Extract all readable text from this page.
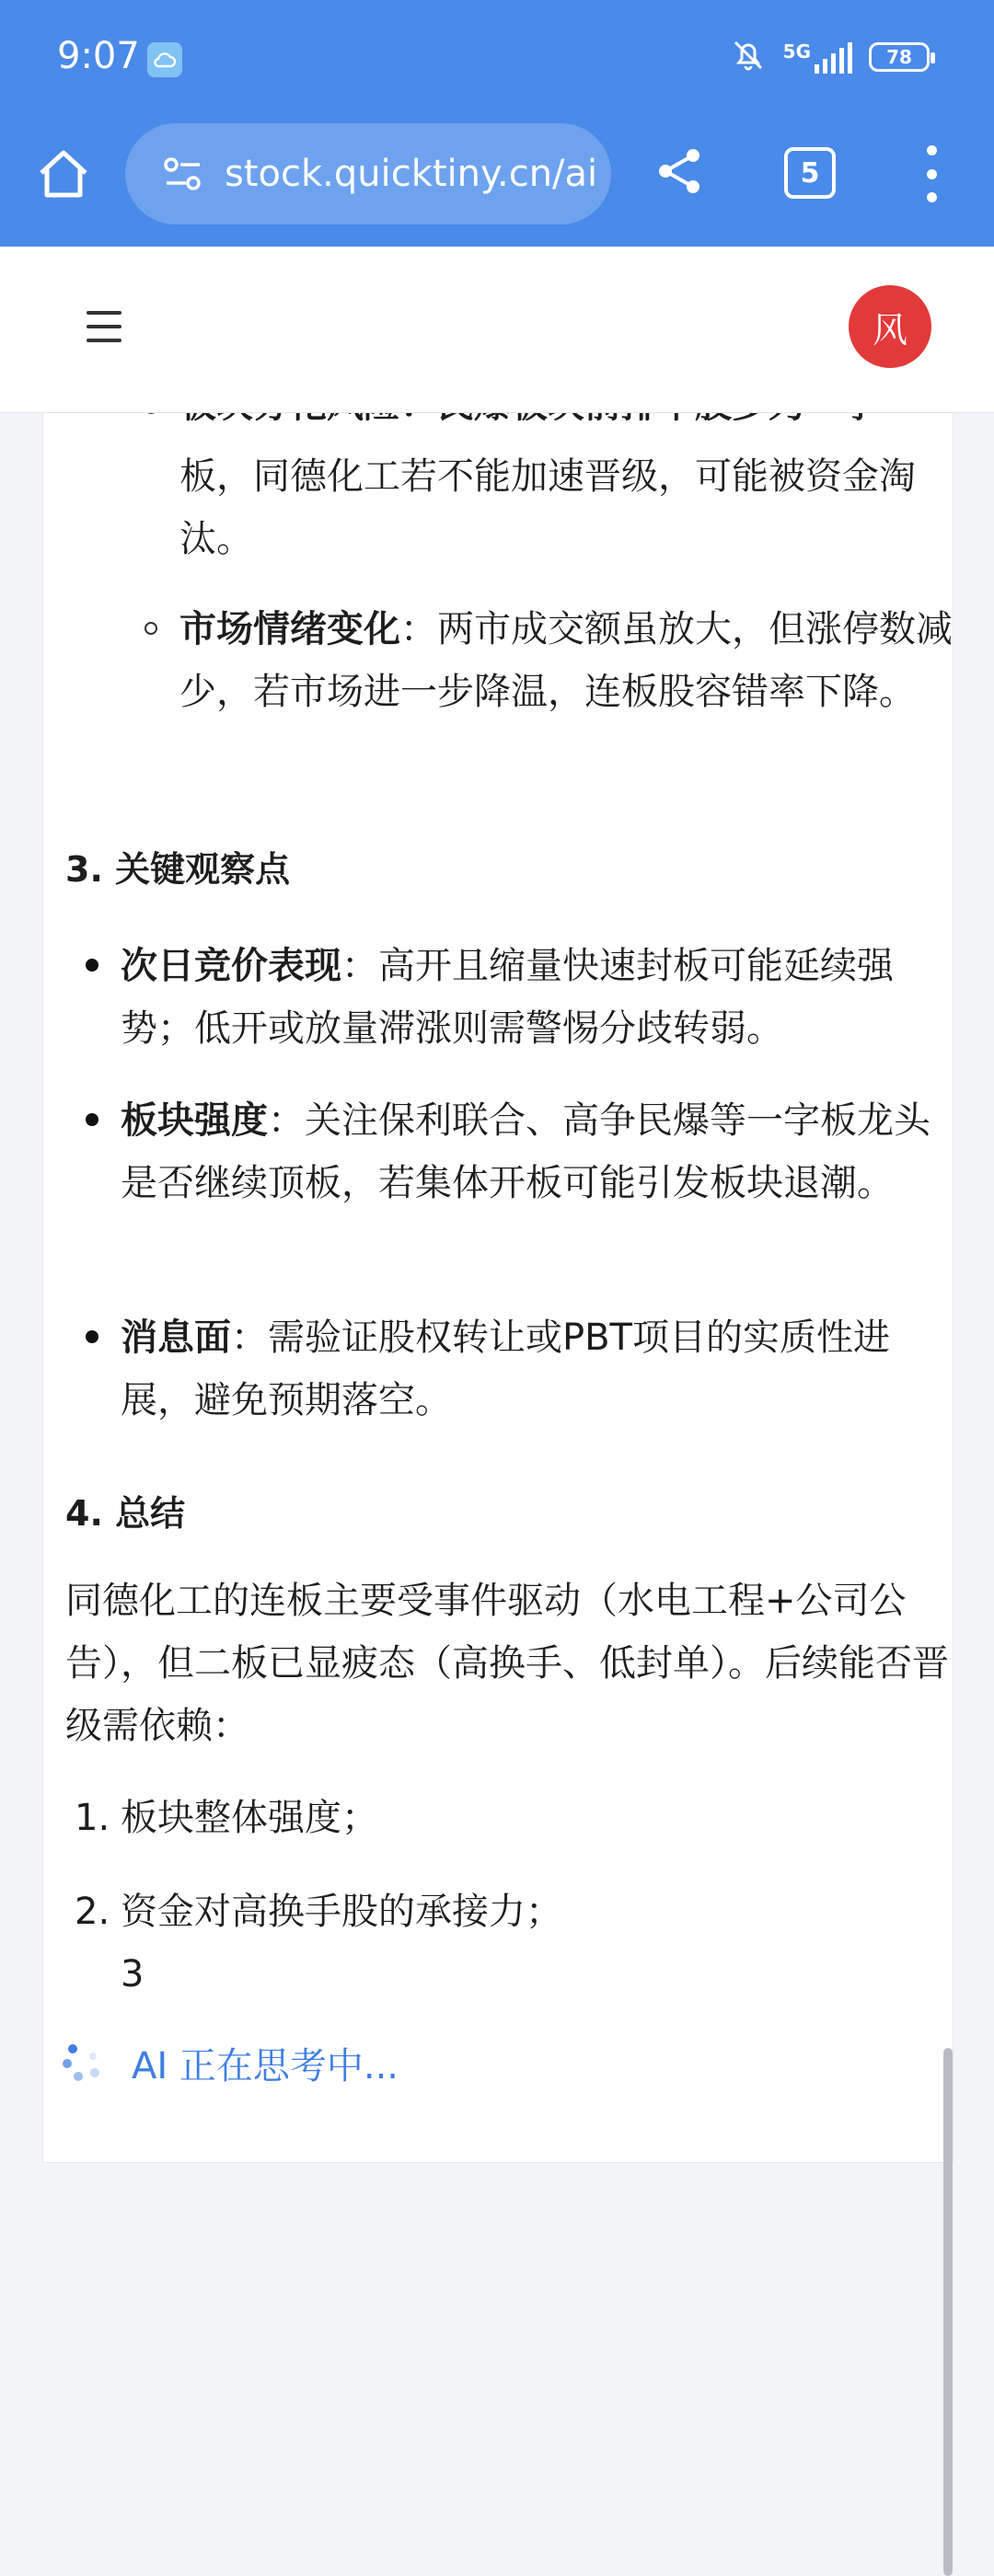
9:07	5G	78
stock.quicktiny.cn/ai	5
风
板，同德化工若不能加速晋级，可能被资金淘汰。
市场情绪变化：两市成交额虽放大，但涨停数减少，若市场进一步降温，连板股容错率下降。
3. 关键观察点
次日竞价表现：高开且缩量快速封板可能延续强势；低开或放量滞涨则需警惕分歧转弱。
板块强度：关注保利联合、高争民爆等一字板龙头是否继续顶板，若集体开板可能引发板块退潮。
消息面：需验证股权转让或PBT项目的实质性进展，避免预期落空。
4. 总结
同德化工的连板主要受事件驱动（水电工程+公司公告），但二板已显疲态（高换手、低封单）。后续能否晋级需依赖：
1. 板块整体强度；
2. 资金对高换手股的承接力；
3
AI 正在思考中...
